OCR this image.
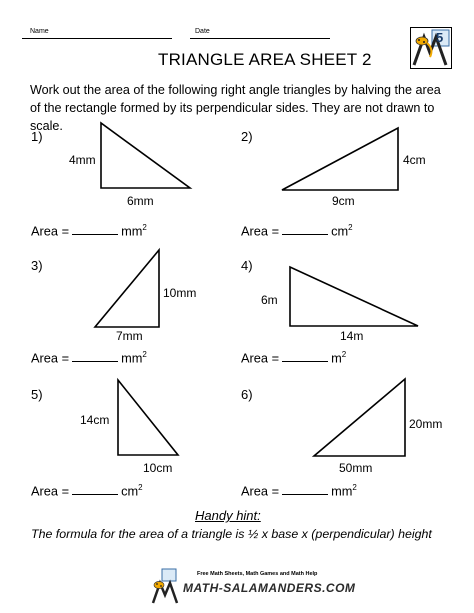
Name	Date
TRIANGLE AREA SHEET 2
5
Work out the area of the following right angle triangles by halving the area of the rectangle formed by its perpendicular sides. They are not drawn to scale.
1)
4mm
6mm
Area =	$mm^2$
2)
4cm
9cm
Area =	$cm^2$
3)
10mm
7mm
Area =	$mm^2$
4)
6m
14m
Area =	$m^2$
5)
14cm
10cm
Area =	$cm^2$
6)
20mm
50mm
Area =	$mm^2$
Handy hint:
The formula for the area of a triangle is ½ x base x (perpendicular) height
Free Math Sheets, Math Games and Math Help
MATH-SALAMANDERS.COM
